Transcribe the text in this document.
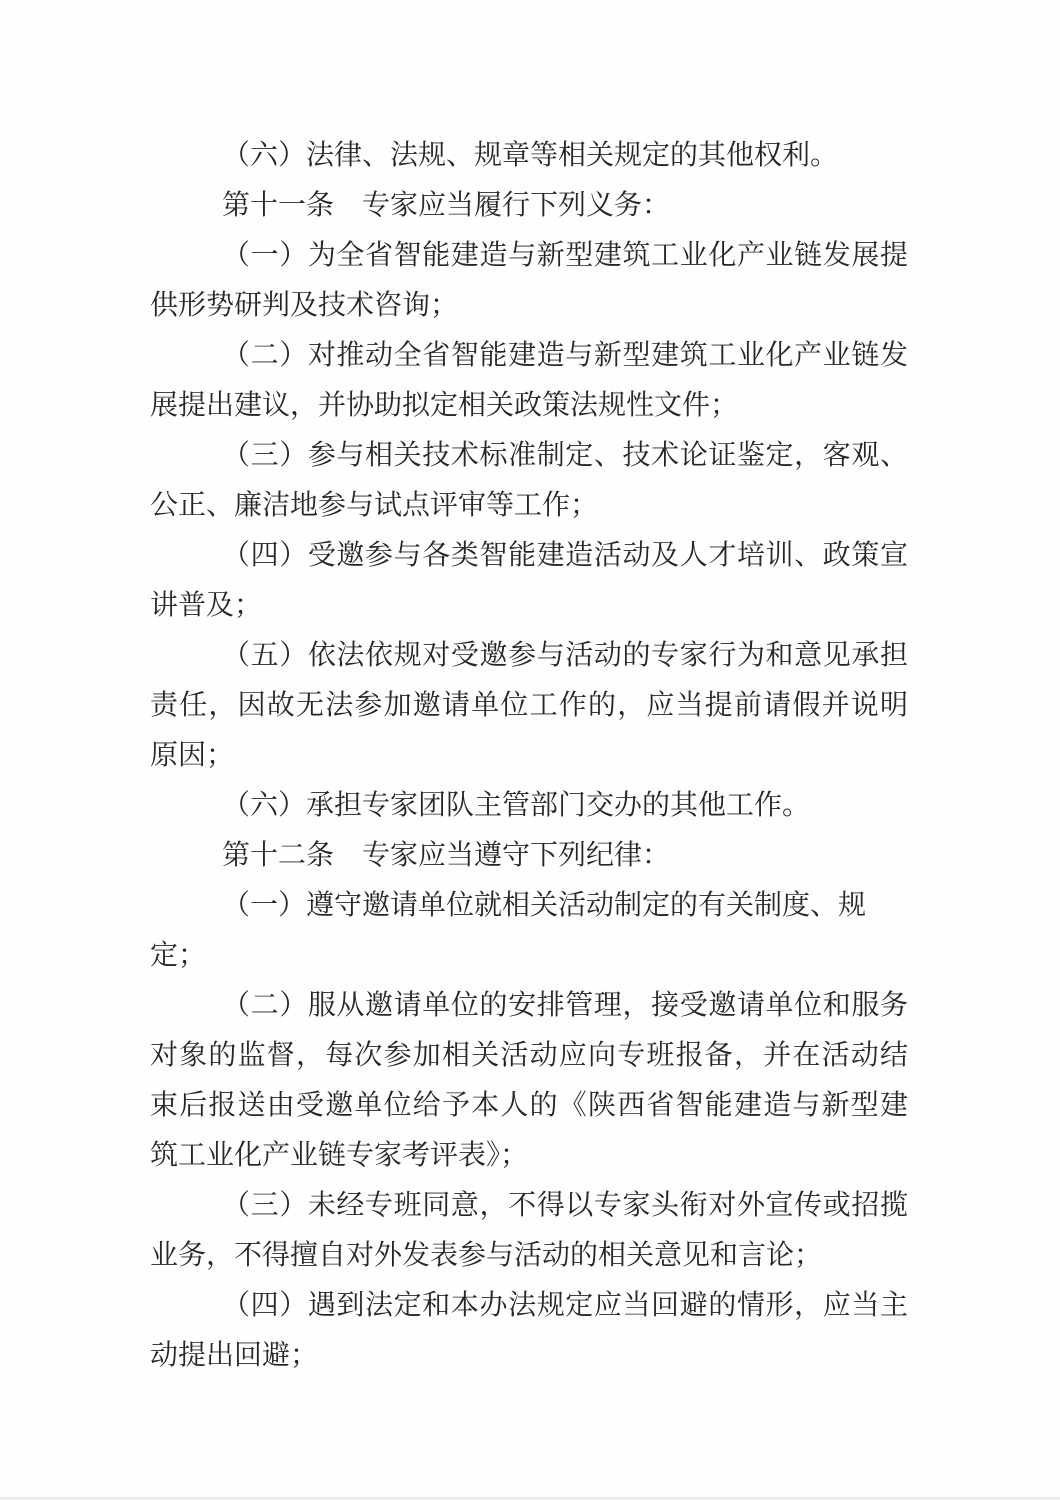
（六）法律、法规、规章等相关规定的其他权利。
第十一条　专家应当履行下列义务：
（一）为全省智能建造与新型建筑工业化产业链发展提
供形势研判及技术咨询；
（二）对推动全省智能建造与新型建筑工业化产业链发
展提出建议，并协助拟定相关政策法规性文件；
（三）参与相关技术标准制定、技术论证鉴定，客观、
公正、廉洁地参与试点评审等工作；
（四）受邀参与各类智能建造活动及人才培训、政策宣
讲普及；
（五）依法依规对受邀参与活动的专家行为和意见承担
责任，因故无法参加邀请单位工作的，应当提前请假并说明
原因；
（六）承担专家团队主管部门交办的其他工作。
第十二条　专家应当遵守下列纪律：
（一）遵守邀请单位就相关活动制定的有关制度、规定；
（二）服从邀请单位的安排管理，接受邀请单位和服务
对象的监督，每次参加相关活动应向专班报备，并在活动结
束后报送由受邀单位给予本人的《陕西省智能建造与新型建
筑工业化产业链专家考评表》；
（三）未经专班同意，不得以专家头衔对外宣传或招揽
业务，不得擅自对外发表参与活动的相关意见和言论；
（四）遇到法定和本办法规定应当回避的情形，应当主
动提出回避；
